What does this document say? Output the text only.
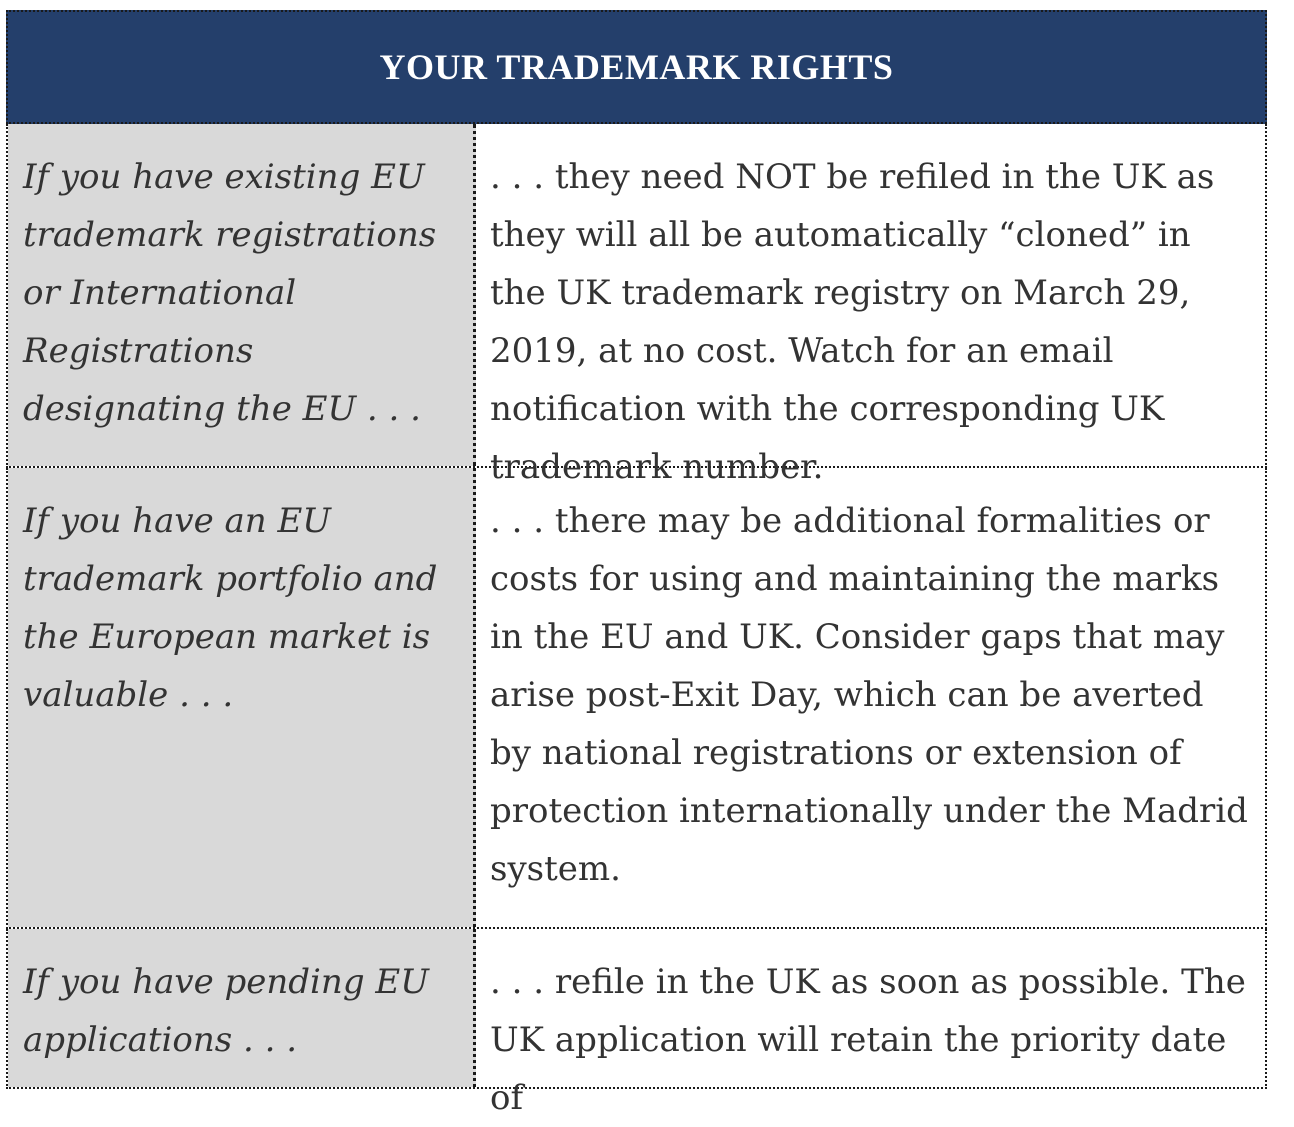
YOUR TRADEMARK RIGHTS
If you have existing EU trademark registrations or International Registrations designating the EU . . .
. . . they need NOT be refiled in the UK as they will all be automatically “cloned” in the UK trademark registry on March 29, 2019, at no cost. Watch for an email notification with the corresponding UK trademark number.
If you have an EU trademark portfolio and the European market is valuable . . .
. . . there may be additional formalities or costs for using and maintaining the marks in the EU and UK. Consider gaps that may arise post-Exit Day, which can be averted by national registrations or extension of protection internationally under the Madrid system.
If you have pending EU applications . . .
. . . refile in the UK as soon as possible. The UK application will retain the priority date of
